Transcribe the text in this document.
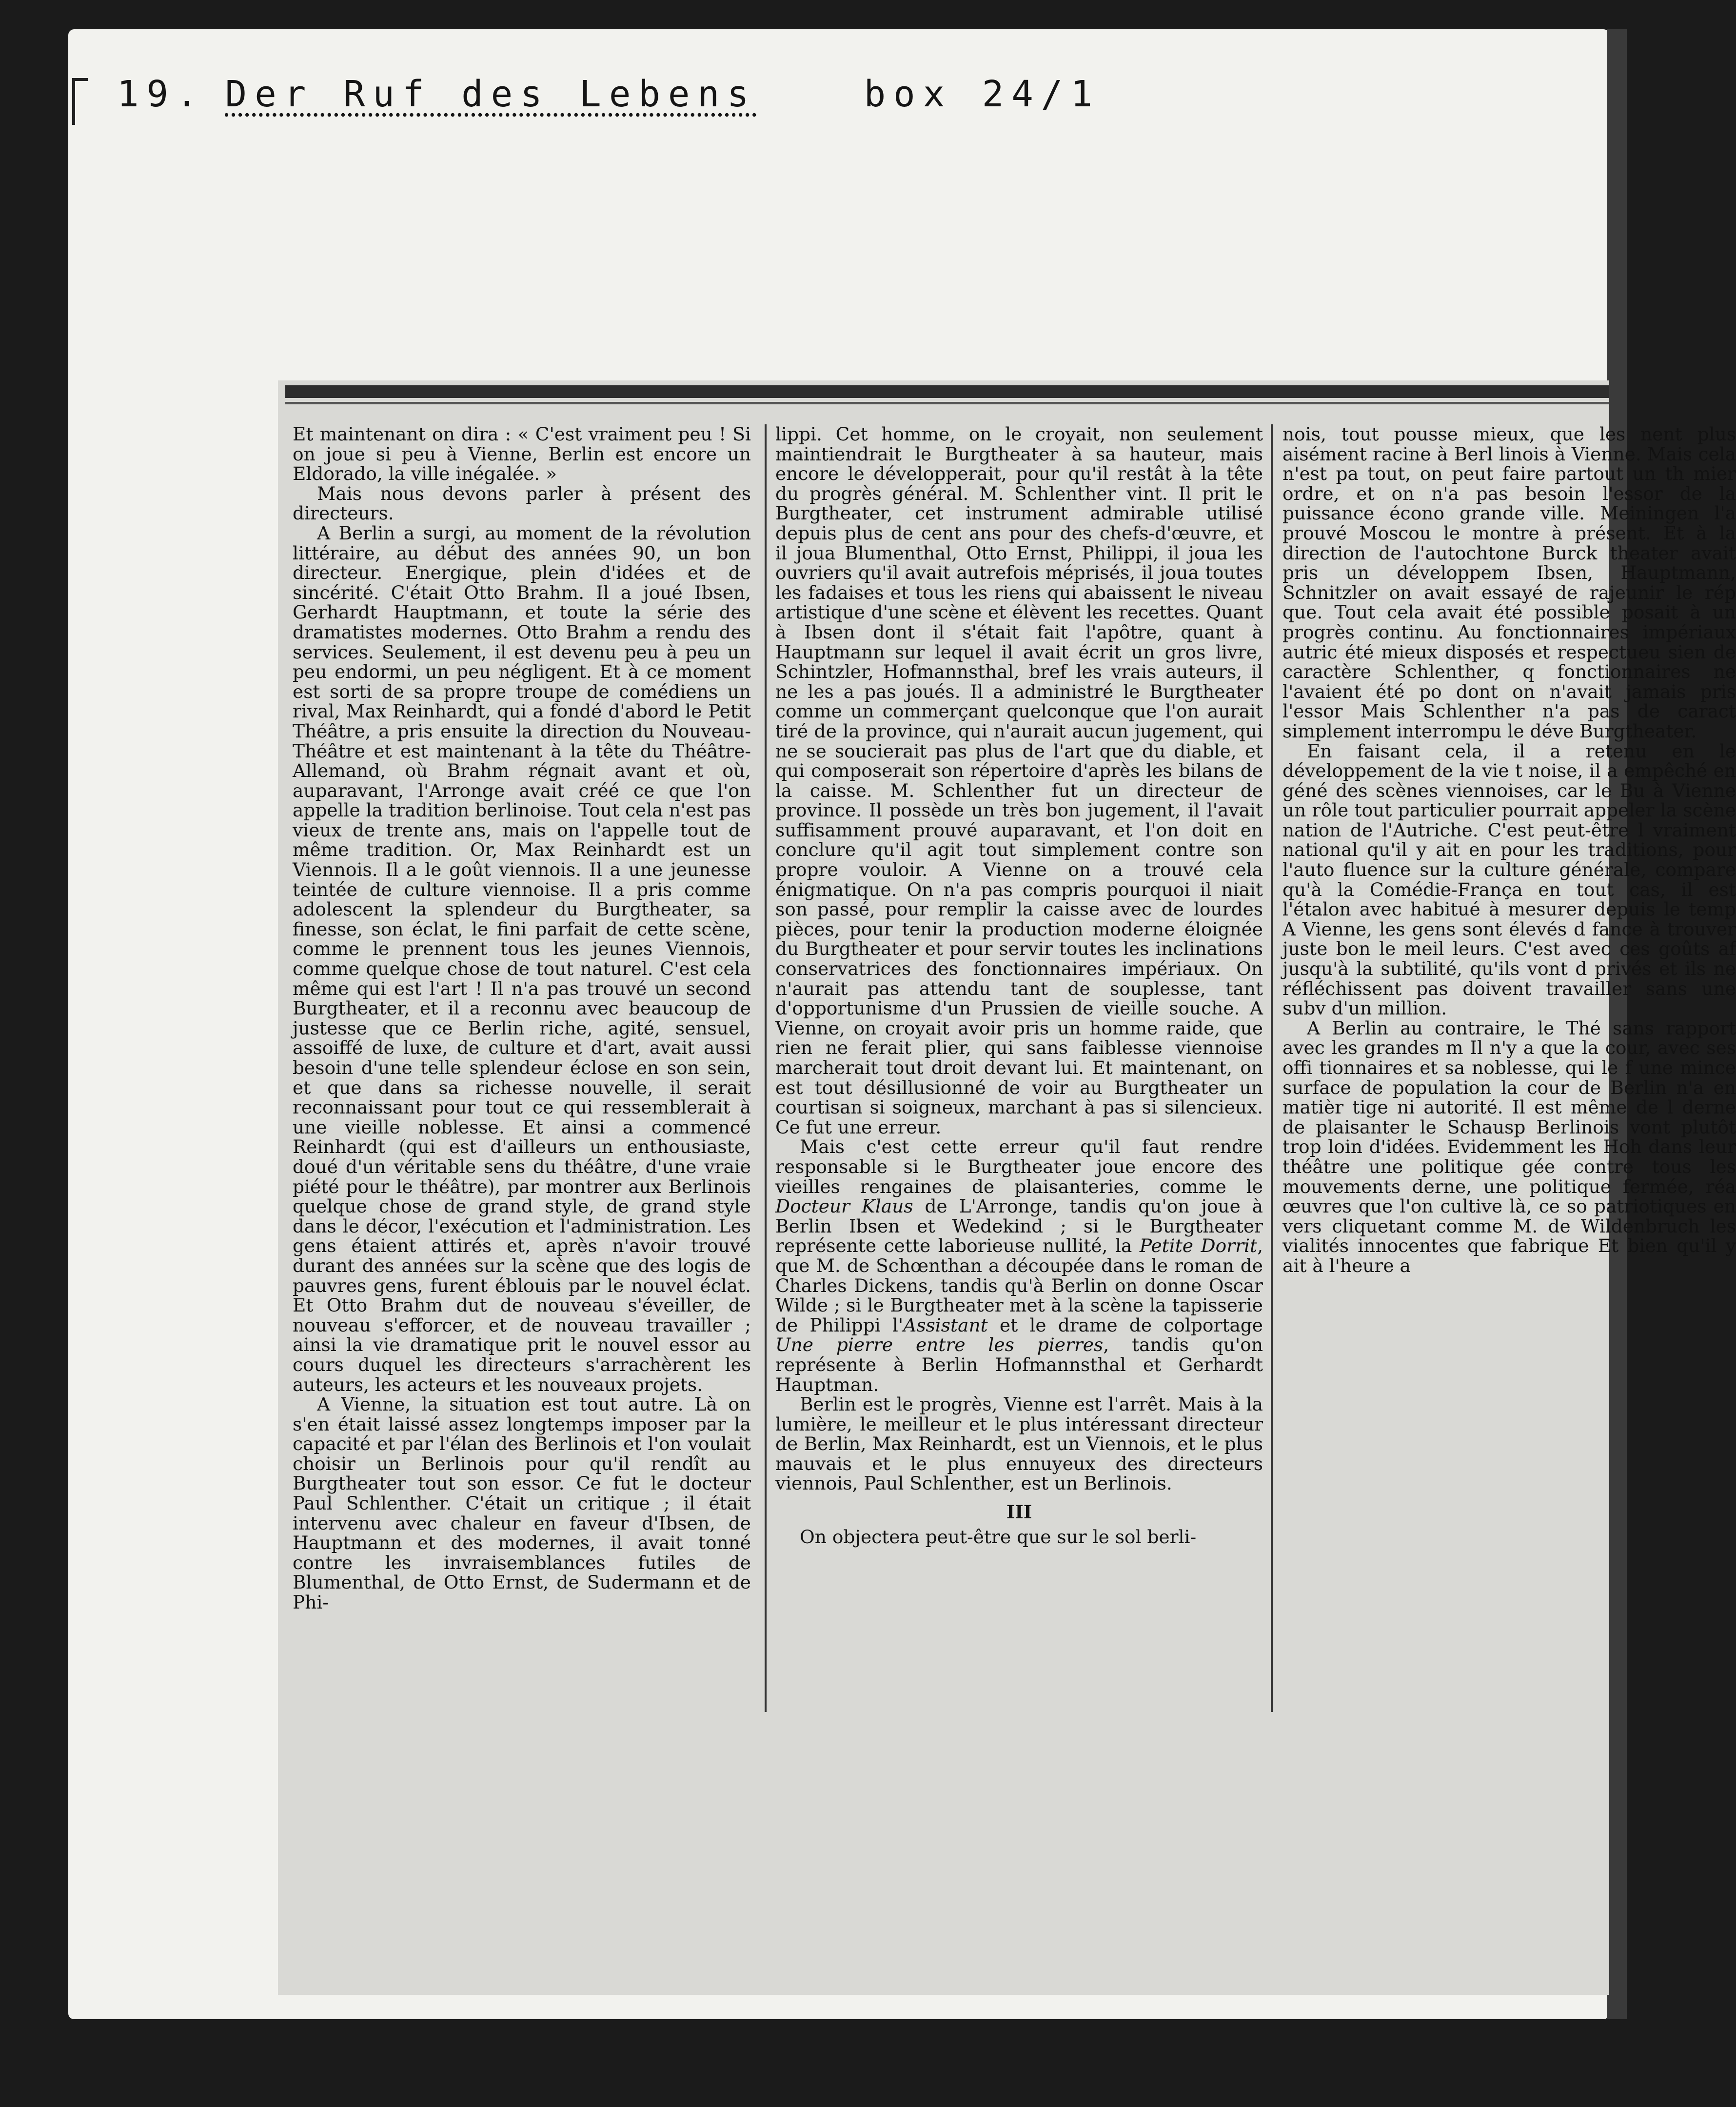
19. Der Ruf des Lebens	box 24/1

Et maintenant on dira : « C'est vraiment peu ! Si on joue si peu à Vienne, Berlin est encore un Eldorado, la ville inégalée. »

Mais nous devons parler à présent des directeurs.

A Berlin a surgi, au moment de la révolution littéraire, au début des années 90, un bon directeur. Energique, plein d'idées et de sincérité. C'était Otto Brahm. Il a joué Ibsen, Gerhardt Hauptmann, et toute la série des dramatistes modernes. Otto Brahm a rendu des services. Seulement, il est devenu peu à peu un peu endormi, un peu négligent. Et à ce moment est sorti de sa propre troupe de comédiens un rival, Max Reinhardt, qui a fondé d'abord le Petit Théâtre, a pris ensuite la direction du Nouveau-Théâtre et est maintenant à la tête du Théâtre-Allemand, où Brahm régnait avant et où, auparavant, l'Arronge avait créé ce que l'on appelle la tradition berlinoise. Tout cela n'est pas vieux de trente ans, mais on l'appelle tout de même tradition. Or, Max Reinhardt est un Viennois. Il a le goût viennois. Il a une jeunesse teintée de culture viennoise. Il a pris comme adolescent la splendeur du Burgtheater, sa finesse, son éclat, le fini parfait de cette scène, comme le prennent tous les jeunes Viennois, comme quelque chose de tout naturel. C'est cela même qui est l'art ! Il n'a pas trouvé un second Burgtheater, et il a reconnu avec beaucoup de justesse que ce Berlin riche, agité, sensuel, assoiffé de luxe, de culture et d'art, avait aussi besoin d'une telle splendeur éclose en son sein, et que dans sa richesse nouvelle, il serait reconnaissant pour tout ce qui ressemblerait à une vieille noblesse. Et ainsi a commencé Reinhardt (qui est d'ailleurs un enthousiaste, doué d'un véritable sens du théâtre, d'une vraie piété pour le théâtre), par montrer aux Berlinois quelque chose de grand style, de grand style dans le décor, l'exécution et l'administration. Les gens étaient attirés et, après n'avoir trouvé durant des années sur la scène que des logis de pauvres gens, furent éblouis par le nouvel éclat. Et Otto Brahm dut de nouveau s'éveiller, de nouveau s'efforcer, et de nouveau travailler ; ainsi la vie dramatique prit le nouvel essor au cours duquel les directeurs s'arrachèrent les auteurs, les acteurs et les nouveaux projets.

A Vienne, la situation est tout autre. Là on s'en était laissé assez longtemps imposer par la capacité et par l'élan des Berlinois et l'on voulait choisir un Berlinois pour qu'il rendît au Burgtheater tout son essor. Ce fut le docteur Paul Schlenther. C'était un critique ; il était intervenu avec chaleur en faveur d'Ibsen, de Hauptmann et des modernes, il avait tonné contre les invraisemblances futiles de Blumenthal, de Otto Ernst, de Sudermann et de Phi-

lippi. Cet homme, on le croyait, non seulement maintiendrait le Burgtheater à sa hauteur, mais encore le développerait, pour qu'il restât à la tête du progrès général. M. Schlenther vint. Il prit le Burgtheater, cet instrument admirable utilisé depuis plus de cent ans pour des chefs-d'œuvre, et il joua Blumenthal, Otto Ernst, Philippi, il joua les ouvriers qu'il avait autrefois méprisés, il joua toutes les fadaises et tous les riens qui abaissent le niveau artistique d'une scène et élèvent les recettes. Quant à Ibsen dont il s'était fait l'apôtre, quant à Hauptmann sur lequel il avait écrit un gros livre, Schintzler, Hofmannsthal, bref les vrais auteurs, il ne les a pas joués. Il a administré le Burgtheater comme un commerçant quelconque que l'on aurait tiré de la province, qui n'aurait aucun jugement, qui ne se soucierait pas plus de l'art que du diable, et qui composerait son répertoire d'après les bilans de la caisse. M. Schlenther fut un directeur de province. Il possède un très bon jugement, il l'avait suffisamment prouvé auparavant, et l'on doit en conclure qu'il agit tout simplement contre son propre vouloir. A Vienne on a trouvé cela énigmatique. On n'a pas compris pourquoi il niait son passé, pour remplir la caisse avec de lourdes pièces, pour tenir la production moderne éloignée du Burgtheater et pour servir toutes les inclinations conservatrices des fonctionnaires impériaux. On n'aurait pas attendu tant de souplesse, tant d'opportunisme d'un Prussien de vieille souche. A Vienne, on croyait avoir pris un homme raide, que rien ne ferait plier, qui sans faiblesse viennoise marcherait tout droit devant lui. Et maintenant, on est tout désillusionné de voir au Burgtheater un courtisan si soigneux, marchant à pas si silencieux. Ce fut une erreur.

Mais c'est cette erreur qu'il faut rendre responsable si le Burgtheater joue encore des vieilles rengaines de plaisanteries, comme le Docteur Klaus de L'Arronge, tandis qu'on joue à Berlin Ibsen et Wedekind ; si le Burgtheater représente cette laborieuse nullité, la Petite Dorrit, que M. de Schœnthan a découpée dans le roman de Charles Dickens, tandis qu'à Berlin on donne Oscar Wilde ; si le Burgtheater met à la scène la tapisserie de Philippi l'Assistant et le drame de colportage Une pierre entre les pierres, tandis qu'on représente à Berlin Hofmannsthal et Gerhardt Hauptman.

Berlin est le progrès, Vienne est l'arrêt. Mais à la lumière, le meilleur et le plus intéressant directeur de Berlin, Max Reinhardt, est un Viennois, et le plus mauvais et le plus ennuyeux des directeurs viennois, Paul Schlenther, est un Berlinois.

III

On objectera peut-être que sur le sol berli-

nois, tout pousse mieux, que les nent plus aisément racine à Berl linois à Vienne. Mais cela n'est pa tout, on peut faire partout un th mier ordre, et on n'a pas besoin l'essor de la puissance écono grande ville. Meiningen l'a prouvé Moscou le montre à présent. Et à la direction de l'autochtone Burck theater avait pris un développem Ibsen, Hauptmann, Schnitzler on avait essayé de rajeunir le rép que. Tout cela avait été possible posait à un progrès continu. Au fonctionnaires impériaux autric été mieux disposés et respectueu sien de caractère Schlenther, q fonctionnaires ne l'avaient été po dont on n'avait jamais pris l'essor Mais Schlenther n'a pas de caract simplement interrompu le déve Burgtheater.

En faisant cela, il a retenu en le développement de la vie t noise, il a empêché en géné des scènes viennoises, car le Bu à Vienne un rôle tout particulier pourrait appeler la scène nation de l'Autriche. C'est peut-être l vraiment national qu'il y ait en pour les traditions, pour l'auto fluence sur la culture générale, compare qu'à la Comédie-França en tout cas, il est l'étalon avec habitué à mesurer depuis le temp A Vienne, les gens sont élevés d fance à trouver juste bon le meil leurs. C'est avec ces goûts af jusqu'à la subtilité, qu'ils vont d privés et ils ne réfléchissent pas doivent travailler sans une subv d'un million.

A Berlin au contraire, le Thé sans rapport avec les grandes m Il n'y a que la cour, avec ses offi tionnaires et sa noblesse, qui le f une mince surface de population la cour de Berlin n'a en matièr tige ni autorité. Il est même de l derne de plaisanter le Schausp Berlinois vont plutôt trop loin d'idées. Evidemment les Hoh dans leur théâtre une politique gée contre tous les mouvements derne, une politique fermée, réa œuvres que l'on cultive là, ce so patriotiques en vers cliquetant comme M. de Wildenbruch les vialités innocentes que fabrique Et bien qu'il y ait à l'heure a
